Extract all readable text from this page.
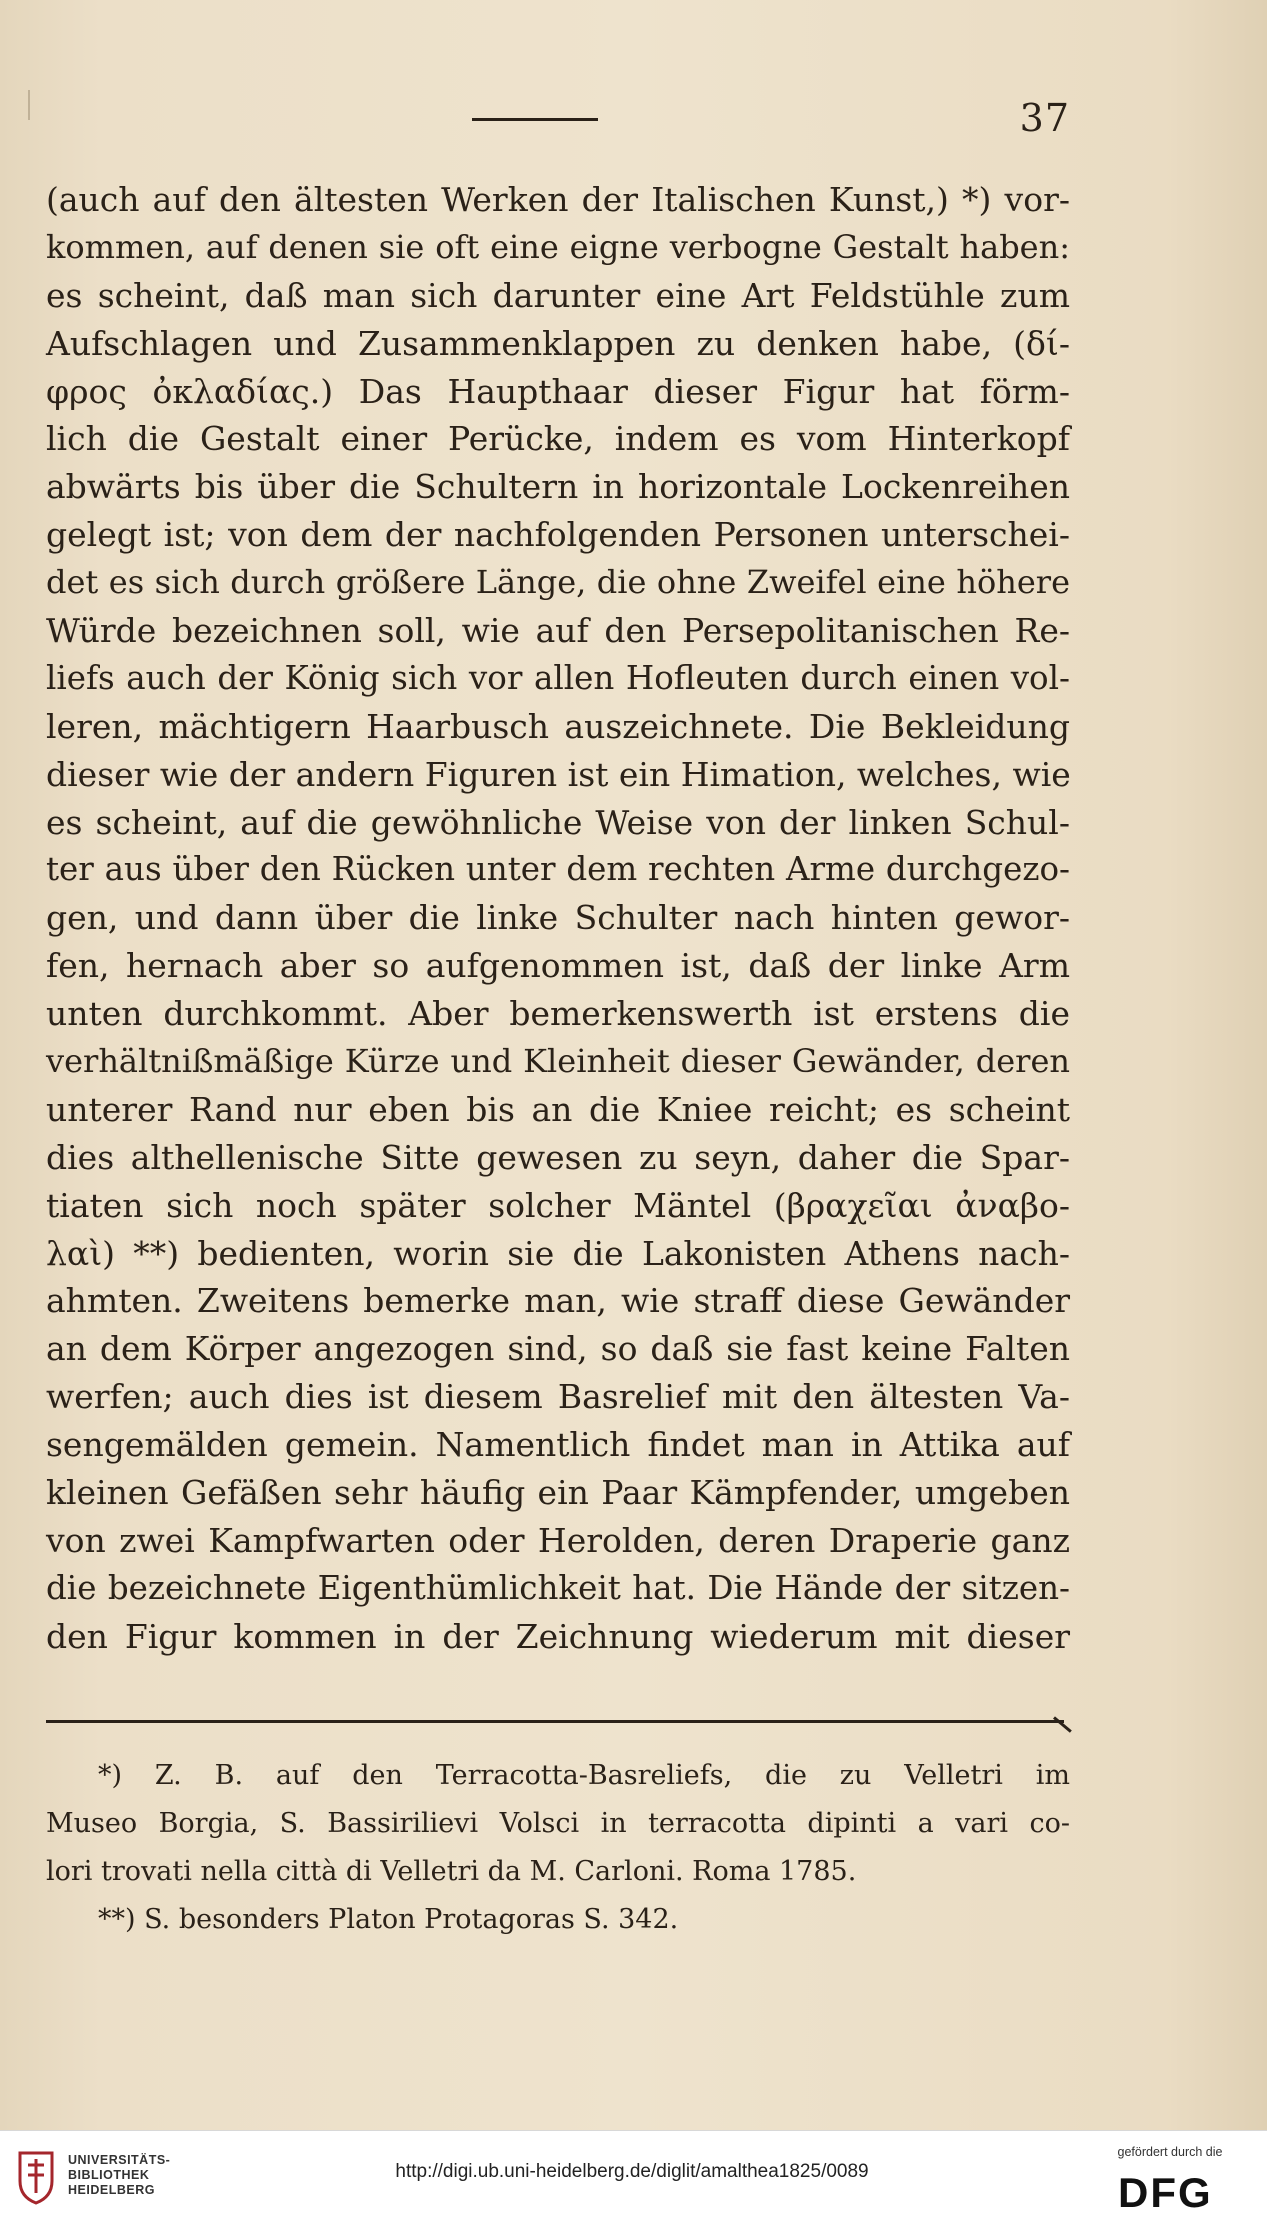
37
(auch auf den ältesten Werken der Italischen Kunst,) *) vor-
kommen, auf denen sie oft eine eigne verbogne Gestalt haben:
es scheint, daß man sich darunter eine Art Feldstühle zum
Aufschlagen und Zusammenklappen zu denken habe, (δί-
φρος ὀκλαδίας.) Das Haupthaar dieser Figur hat förm-
lich die Gestalt einer Perücke, indem es vom Hinterkopf
abwärts bis über die Schultern in horizontale Lockenreihen
gelegt ist; von dem der nachfolgenden Personen unterschei-
det es sich durch größere Länge, die ohne Zweifel eine höhere
Würde bezeichnen soll, wie auf den Persepolitanischen Re-
liefs auch der König sich vor allen Hofleuten durch einen vol-
leren, mächtigern Haarbusch auszeichnete. Die Bekleidung
dieser wie der andern Figuren ist ein Himation, welches, wie
es scheint, auf die gewöhnliche Weise von der linken Schul-
ter aus über den Rücken unter dem rechten Arme durchgezo-
gen, und dann über die linke Schulter nach hinten gewor-
fen, hernach aber so aufgenommen ist, daß der linke Arm
unten durchkommt. Aber bemerkenswerth ist erstens die
verhältnißmäßige Kürze und Kleinheit dieser Gewänder, deren
unterer Rand nur eben bis an die Kniee reicht; es scheint
dies althellenische Sitte gewesen zu seyn, daher die Spar-
tiaten sich noch später solcher Mäntel (βραχεῖαι ἀναβο-
λαὶ) **) bedienten, worin sie die Lakonisten Athens nach-
ahmten. Zweitens bemerke man, wie straff diese Gewänder
an dem Körper angezogen sind, so daß sie fast keine Falten
werfen; auch dies ist diesem Basrelief mit den ältesten Va-
sengemälden gemein. Namentlich findet man in Attika auf
kleinen Gefäßen sehr häufig ein Paar Kämpfender, umgeben
von zwei Kampfwarten oder Herolden, deren Draperie ganz
die bezeichnete Eigenthümlichkeit hat. Die Hände der sitzen-
den Figur kommen in der Zeichnung wiederum mit dieser
*) Z. B. auf den Terracotta-Basreliefs, die zu Velletri im
Museo Borgia, S. Bassirilievi Volsci in terracotta dipinti a vari co-
lori trovati nella città di Velletri da M. Carloni. Roma 1785.
**) S. besonders Platon Protagoras S. 342.
UNIVERSITÄTS-
BIBLIOTHEK
HEIDELBERG
http://digi.ub.uni-heidelberg.de/diglit/amalthea1825/0089
gefördert durch die
DFG
